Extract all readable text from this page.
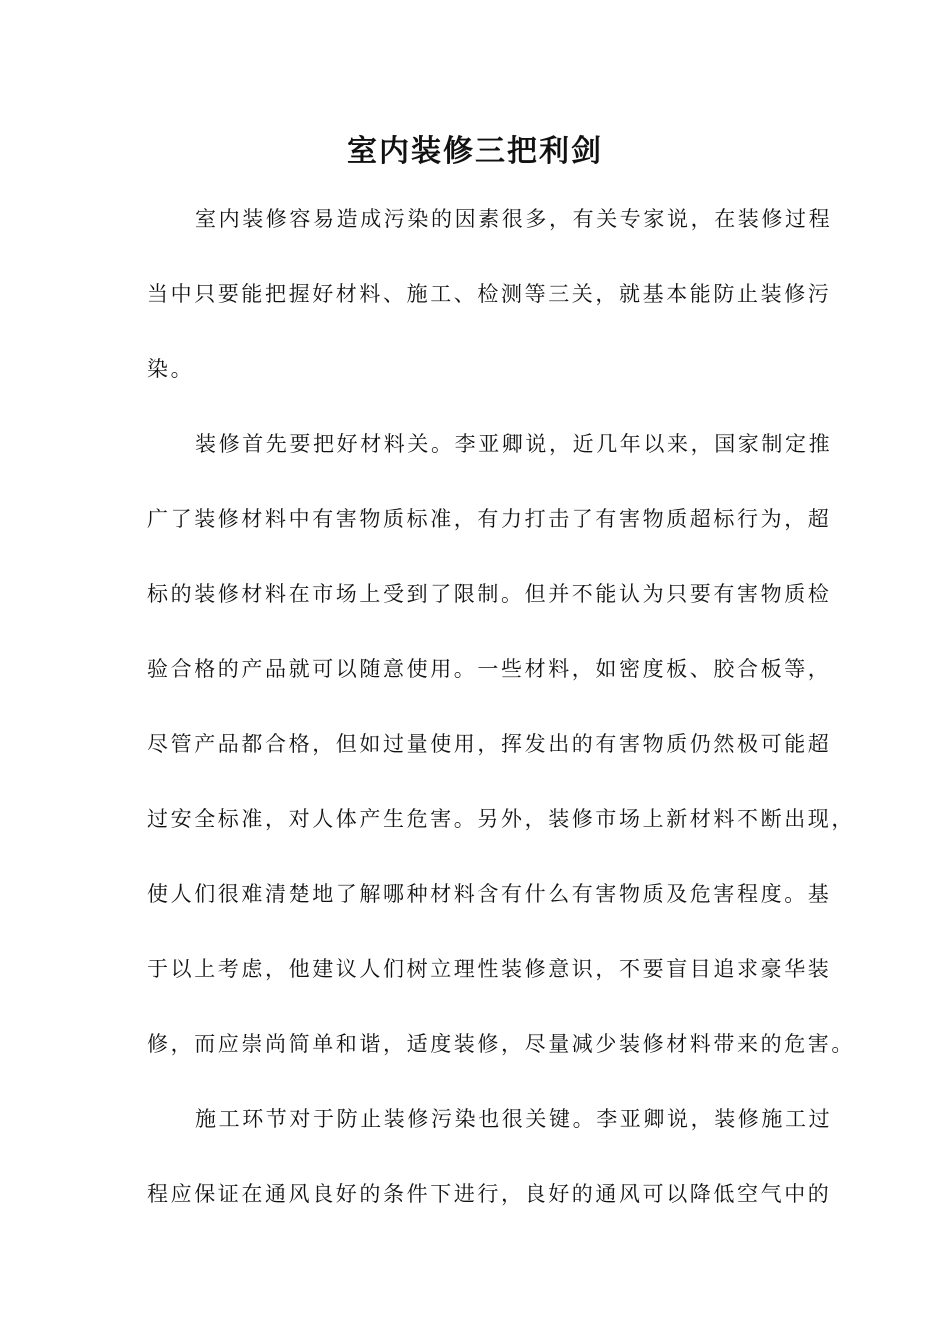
室内装修三把利剑
室内装修容易造成污染的因素很多，有关专家说，在装修过程
当中只要能把握好材料、施工、检测等三关，就基本能防止装修污
染。
装修首先要把好材料关。李亚卿说，近几年以来，国家制定推
广了装修材料中有害物质标准，有力打击了有害物质超标行为，超
标的装修材料在市场上受到了限制。但并不能认为只要有害物质检
验合格的产品就可以随意使用。一些材料，如密度板、胶合板等，
尽管产品都合格，但如过量使用，挥发出的有害物质仍然极可能超
过安全标准，对人体产生危害。另外，装修市场上新材料不断出现，
使人们很难清楚地了解哪种材料含有什么有害物质及危害程度。基
于以上考虑，他建议人们树立理性装修意识，不要盲目追求豪华装
修，而应崇尚简单和谐，适度装修，尽量减少装修材料带来的危害。
施工环节对于防止装修污染也很关键。李亚卿说，装修施工过
程应保证在通风良好的条件下进行，良好的通风可以降低空气中的
